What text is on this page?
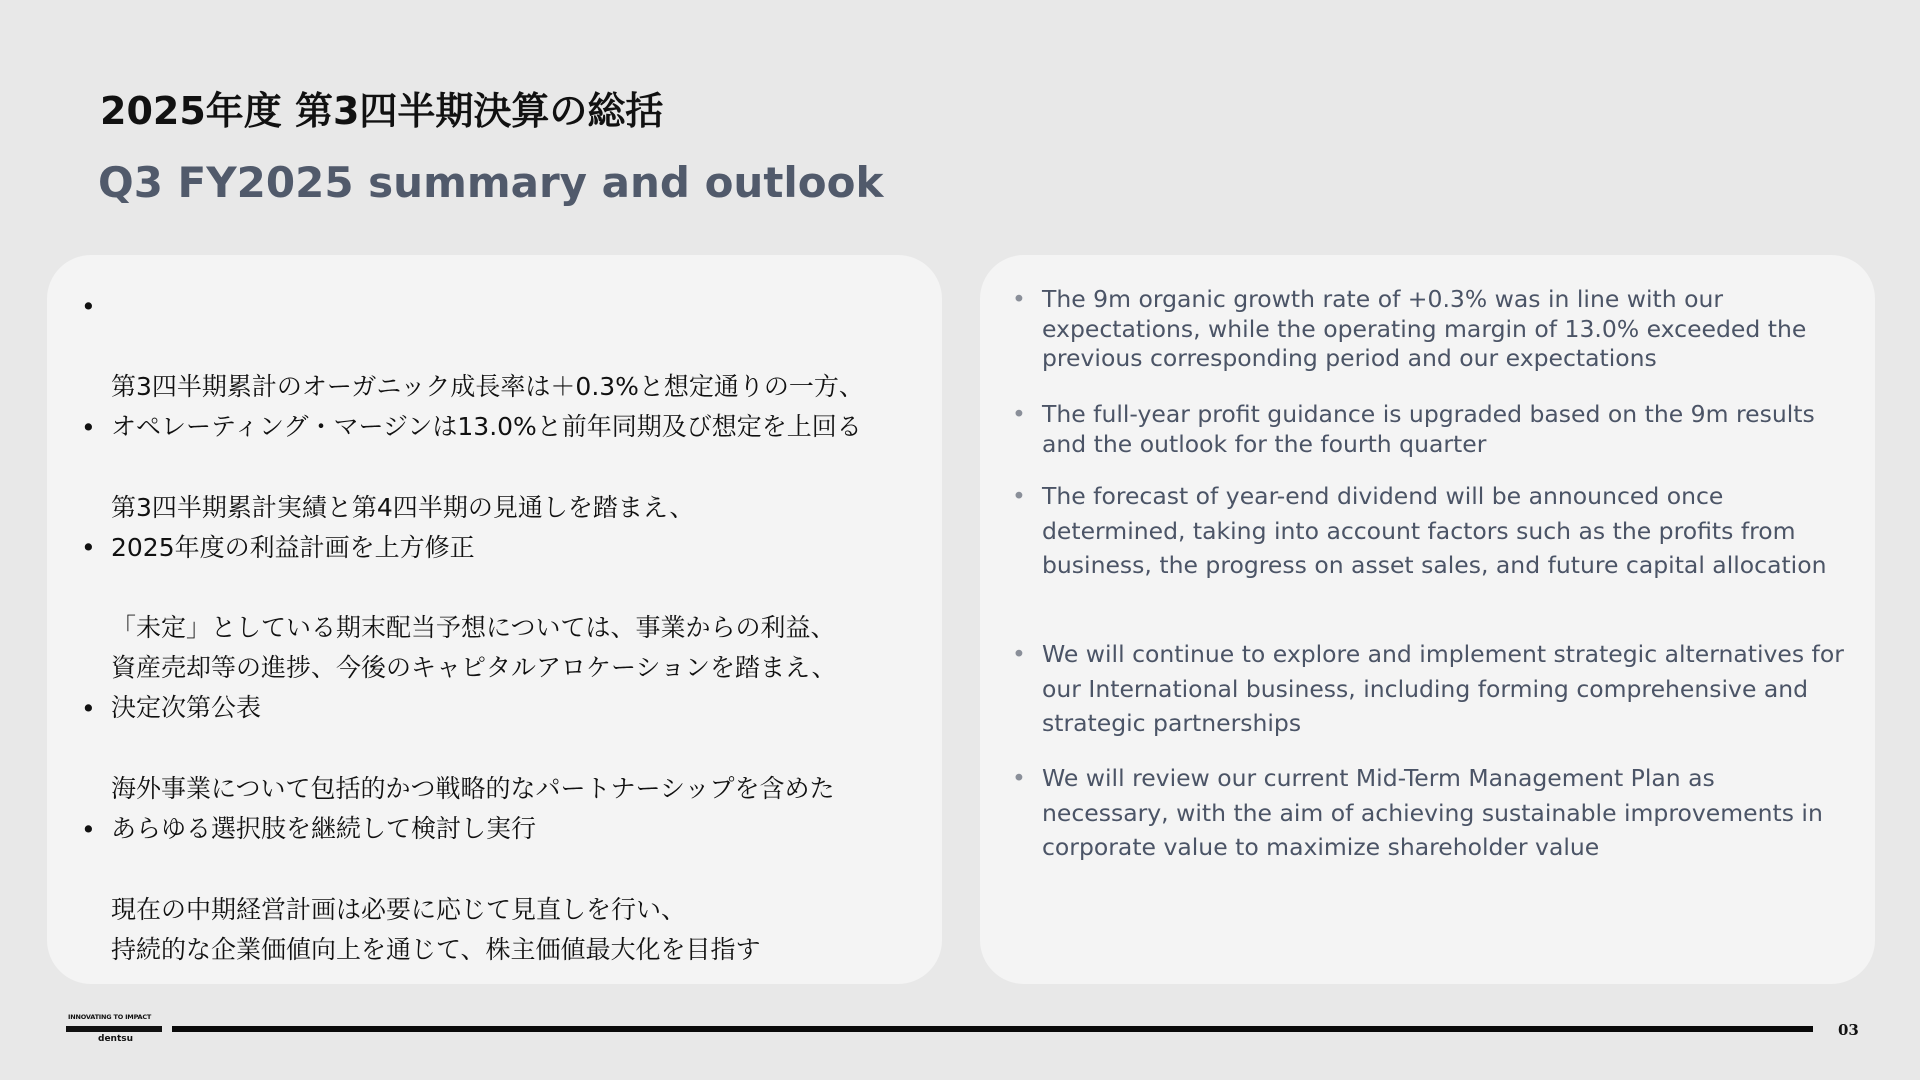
2025年度 第3四半期決算の総括
Q3 FY2025 summary and outlook

•

第3四半期累計のオーガニック成長率は＋0.3%と想定通りの一方、
オペレーティング・マージンは13.0%と前年同期及び想定を上回る

•

第3四半期累計実績と第4四半期の見通しを踏まえ、
2025年度の利益計画を上方修正

•

「未定」としている期末配当予想については、事業からの利益、
資産売却等の進捗、今後のキャピタルアロケーションを踏まえ、
決定次第公表

•

海外事業について包括的かつ戦略的なパートナーシップを含めた
あらゆる選択肢を継続して検討し実行

•

現在の中期経営計画は必要に応じて見直しを行い、
持続的な企業価値向上を通じて、株主価値最大化を目指す

• The 9m organic growth rate of +0.3% was in line with our expectations, while the operating margin of 13.0% exceeded the previous corresponding period and our expectations
• The full-year profit guidance is upgraded based on the 9m results and the outlook for the fourth quarter
• The forecast of year-end dividend will be announced once determined, taking into account factors such as the profits from business, the progress on asset sales, and future capital allocation
• We will continue to explore and implement strategic alternatives for our International business, including forming comprehensive and strategic partnerships
• We will review our current Mid-Term Management Plan as necessary, with the aim of achieving sustainable improvements in corporate value to maximize shareholder value
INNOVATING TO IMPACT
dentsu	03
